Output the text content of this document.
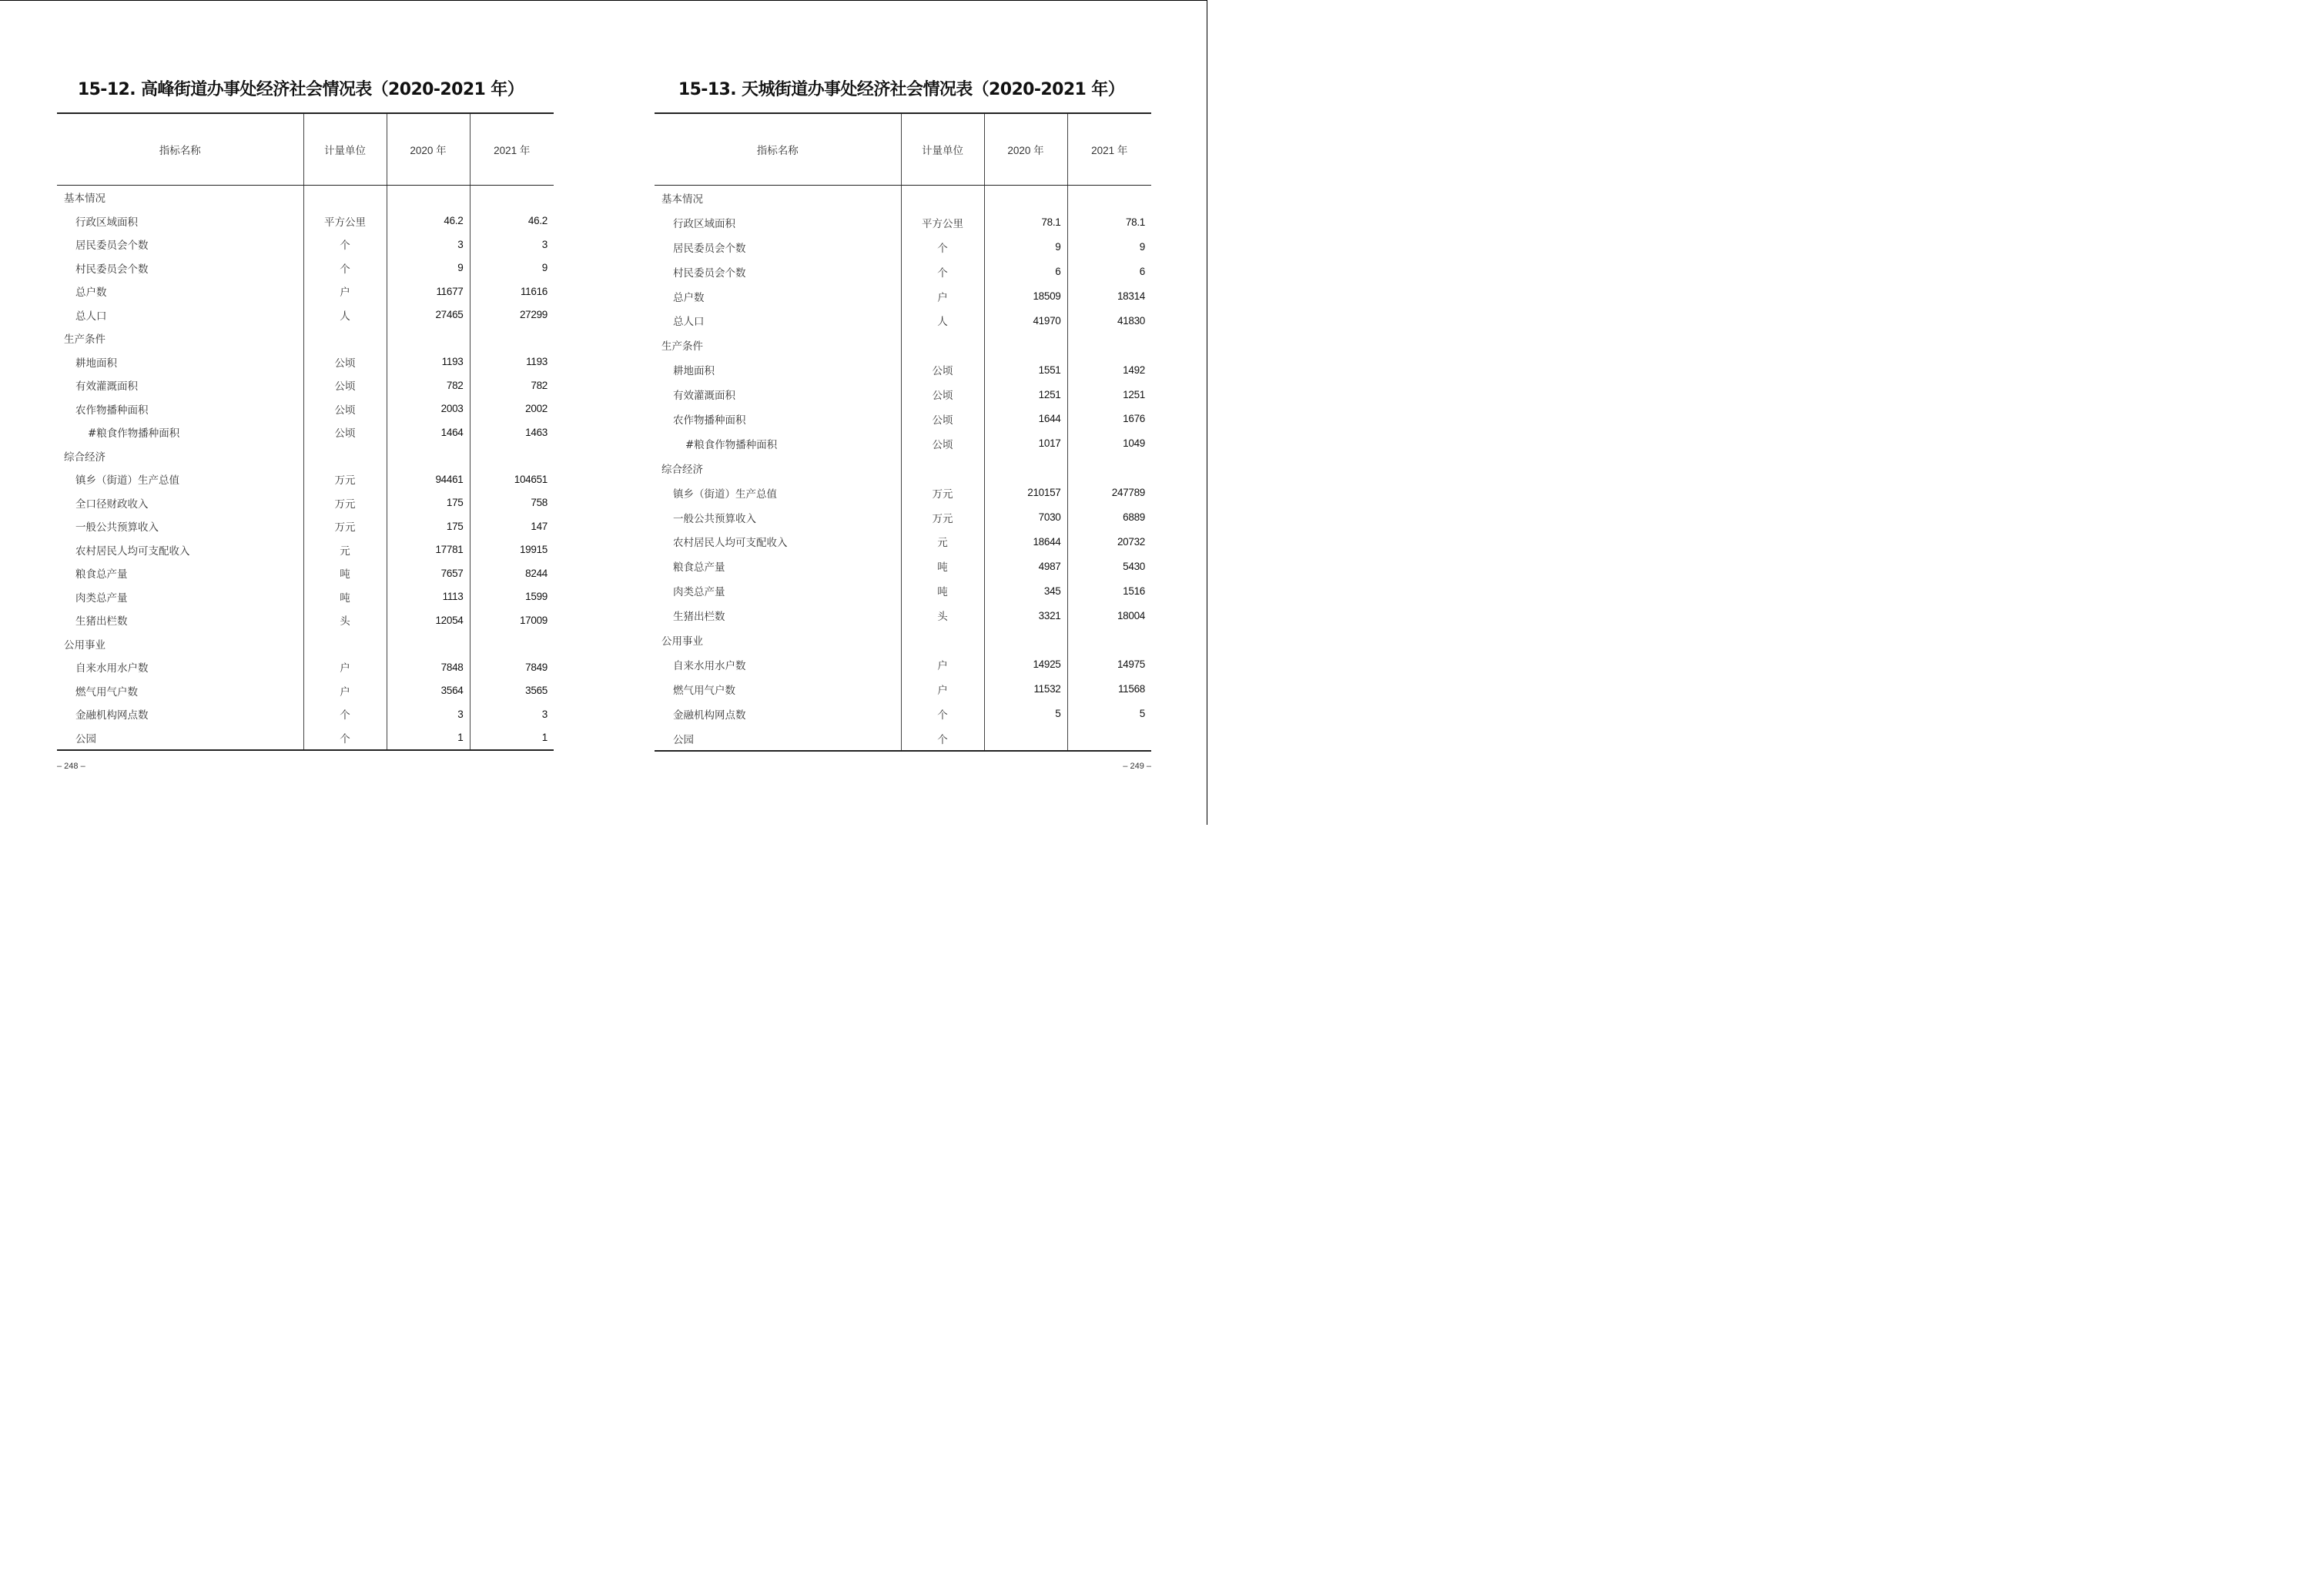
15-12. 高峰街道办事处经济社会情况表（2020-2021 年）
指标名称	计量单位	2020 年	2021 年
基本情况			
行政区域面积	平方公里	46.2	46.2
居民委员会个数	个	3	3
村民委员会个数	个	9	9
总户数	户	11677	11616
总人口	人	27465	27299
生产条件			
耕地面积	公顷	1193	1193
有效灌溉面积	公顷	782	782
农作物播种面积	公顷	2003	2002
#粮食作物播种面积	公顷	1464	1463
综合经济			
镇乡（街道）生产总值	万元	94461	104651
全口径财政收入	万元	175	758
一般公共预算收入	万元	175	147
农村居民人均可支配收入	元	17781	19915
粮食总产量	吨	7657	8244
肉类总产量	吨	1113	1599
生猪出栏数	头	12054	17009
公用事业			
自来水用水户数	户	7848	7849
燃气用气户数	户	3564	3565
金融机构网点数	个	3	3
公园	个	1	1
– 248 –
15-13. 天城街道办事处经济社会情况表（2020-2021 年）
指标名称	计量单位	2020 年	2021 年
基本情况			
行政区域面积	平方公里	78.1	78.1
居民委员会个数	个	9	9
村民委员会个数	个	6	6
总户数	户	18509	18314
总人口	人	41970	41830
生产条件			
耕地面积	公顷	1551	1492
有效灌溉面积	公顷	1251	1251
农作物播种面积	公顷	1644	1676
#粮食作物播种面积	公顷	1017	1049
综合经济			
镇乡（街道）生产总值	万元	210157	247789
一般公共预算收入	万元	7030	6889
农村居民人均可支配收入	元	18644	20732
粮食总产量	吨	4987	5430
肉类总产量	吨	345	1516
生猪出栏数	头	3321	18004
公用事业			
自来水用水户数	户	14925	14975
燃气用气户数	户	11532	11568
金融机构网点数	个	5	5
公园	个		
– 249 –
